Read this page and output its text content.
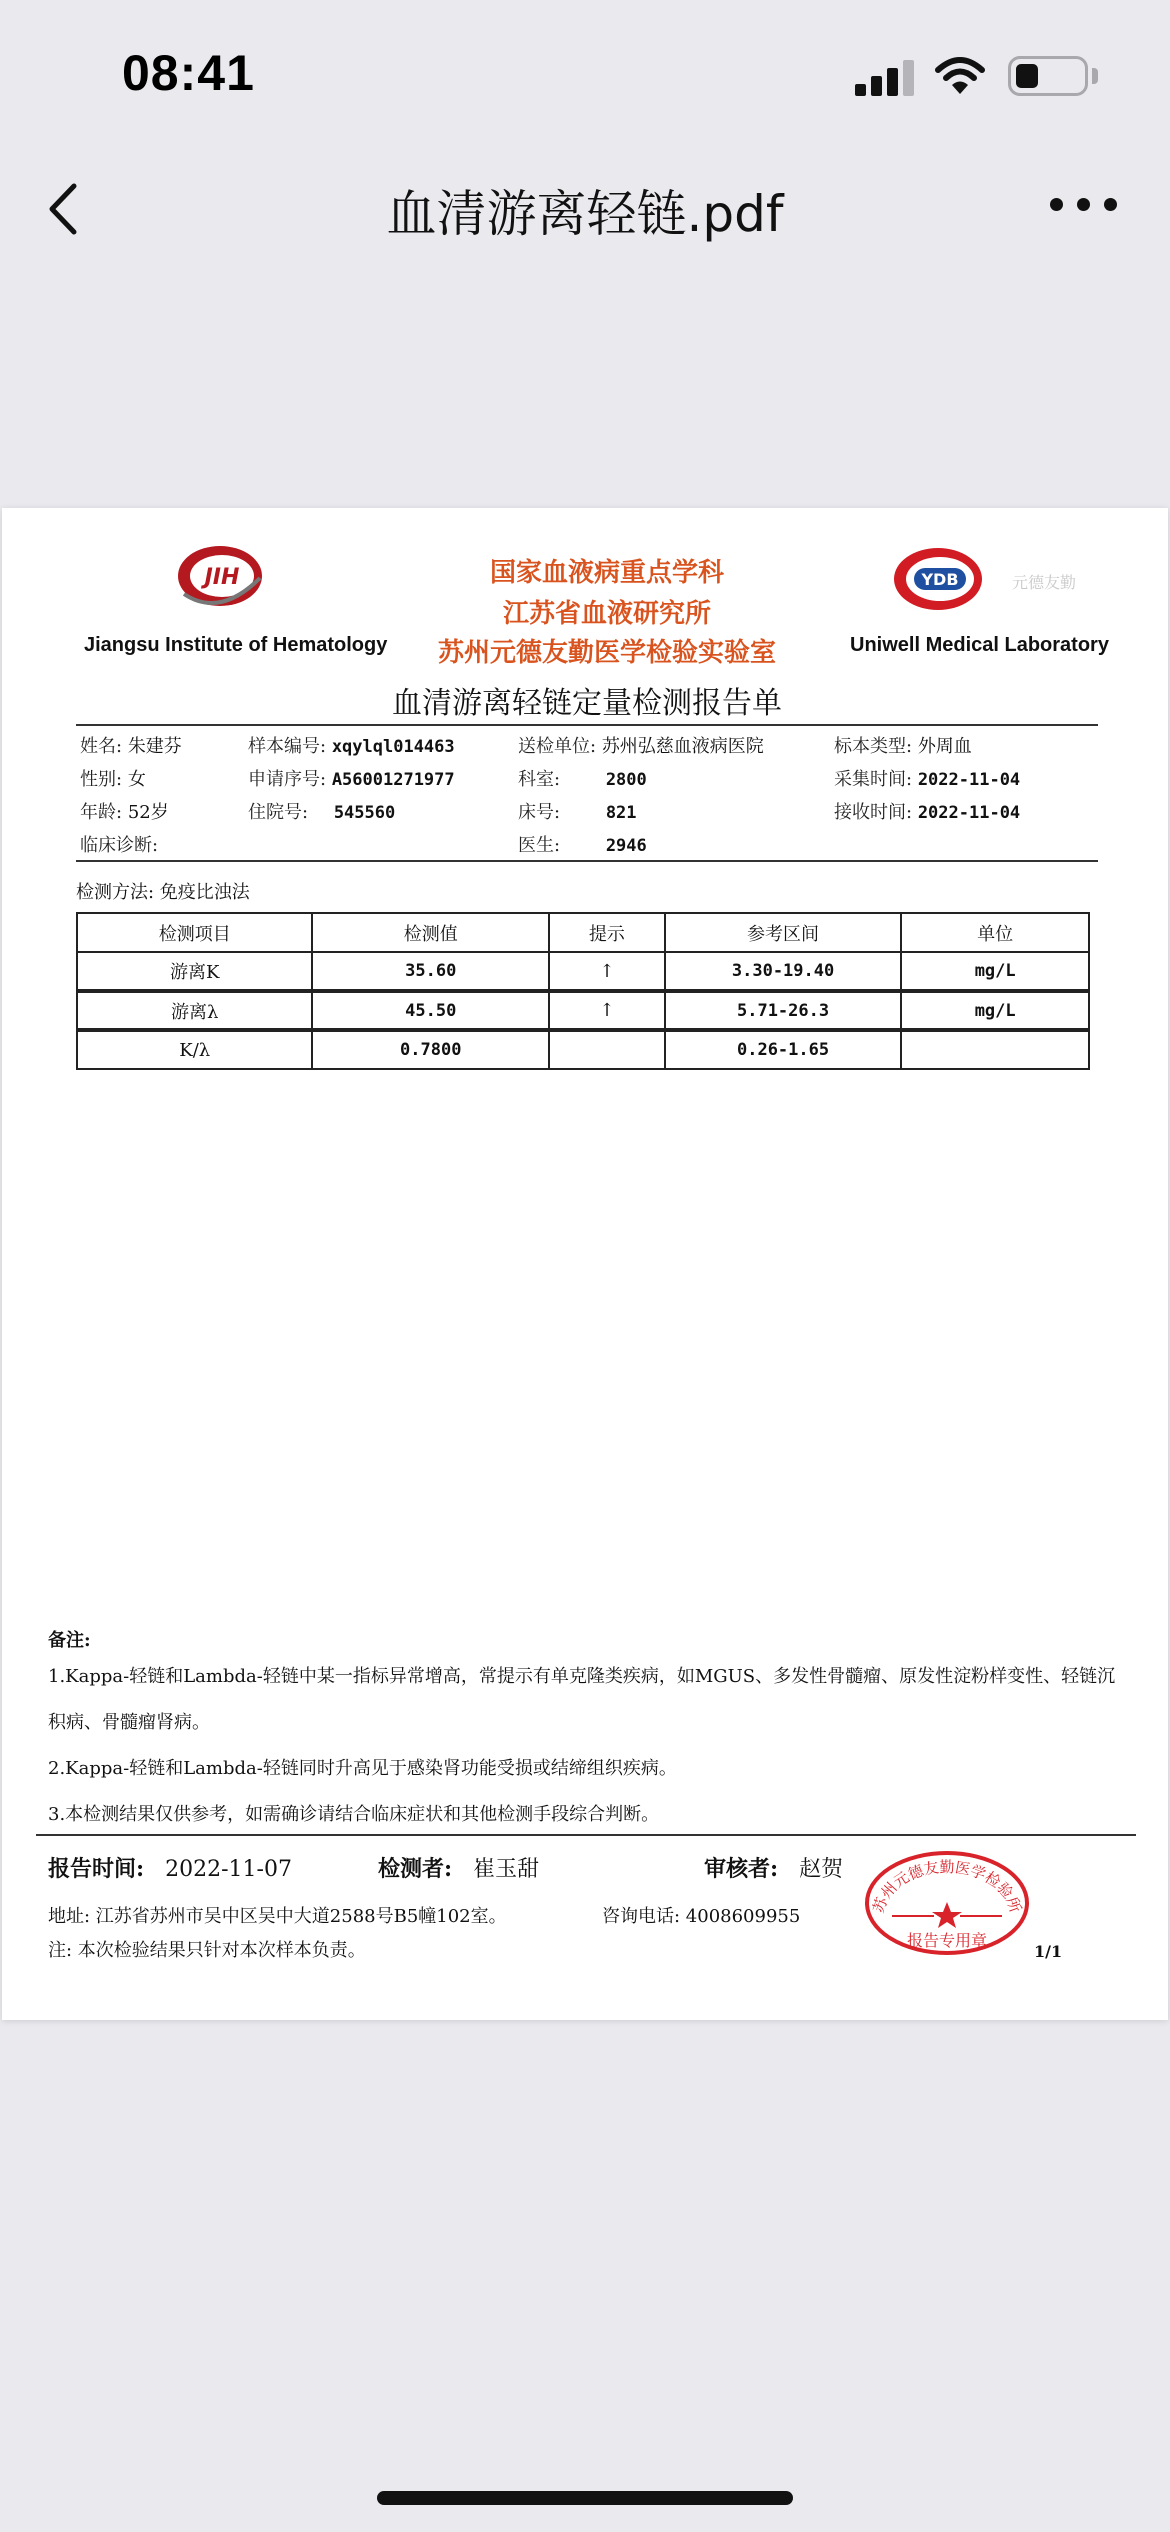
08:41
血清游离轻链.pdf
JIH
Jiangsu Institute of Hematology
国家血液病重点学科
江苏省血液研究所
苏州元德友勤医学检验实验室
YDB	元德友勤
Uniwell Medical Laboratory
血清游离轻链定量检测报告单
姓名: 朱建芬	样本编号: xqylql014463	送检单位: 苏州弘慈血液病医院	标本类型: 外周血
性别: 女	申请序号: A56001271977	科室:	2800	采集时间: 2022-11-04
年龄: 52岁	住院号: 545560	床号:	821	接收时间: 2022-11-04
临床诊断:	医生:	2946
检测方法: 免疫比浊法
检测项目	检测值	提示	参考区间	单位
游离Κ	35.60	↑	3.30-19.40	mg/L
游离λ	45.50	↑	5.71-26.3	mg/L
Κ/λ	0.7800		0.26-1.65	
备注:
1.Kappa-轻链和Lambda-轻链中某一指标异常增高，常提示有单克隆类疾病，如MGUS、多发性骨髓瘤、原发性淀粉样变性、轻链沉积病、骨髓瘤肾病。
2.Kappa-轻链和Lambda-轻链同时升高见于感染肾功能受损或结缔组织疾病。
3.本检测结果仅供参考，如需确诊请结合临床症状和其他检测手段综合判断。
报告时间: 2022-11-07	检测者: 崔玉甜	审核者: 赵贺
地址: 江苏省苏州市吴中区吴中大道2588号B5幢102室。	咨询电话: 4008609955
注: 本次检验结果只针对本次样本负责。	1/1
苏州元德友勤医学检验所
报告专用章
